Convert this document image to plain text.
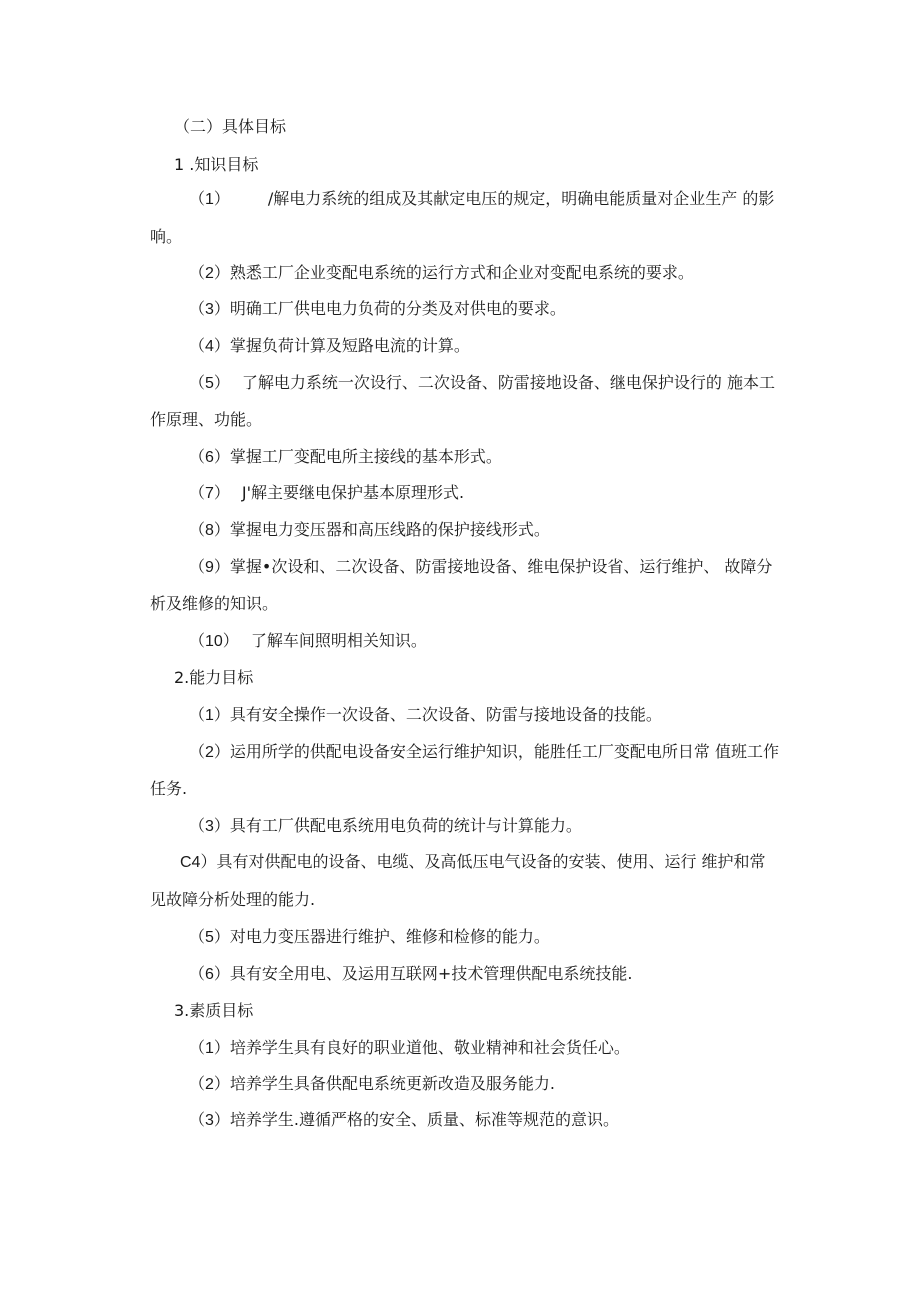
（二）具体目标
1 .知识目标
（1） /解电力系统的组成及其献定电压的规定，明确电能质量对企业生产 的影
响。
（2）熟悉工厂企业变配电系统的运行方式和企业对变配电系统的要求。
（3）明确工厂供电电力负荷的分类及对供电的要求。
（4）掌握负荷计算及短路电流的计算。
（5） 了解电力系统一次设行、二次设备、防雷接地设备、继电保护设行的 施本工
作原理、功能。
（6）掌握工厂变配电所主接线的基本形式。
（7） J'解主要继电保护基本原理形式.
（8）掌握电力变压器和高压线路的保护接线形式。
（9）掌握•次设和、二次设备、防雷接地设备、维电保护设省、运行维护、 故障分
析及维修的知识。
（10） 了解车间照明相关知识。
2.能力目标
（1）具有安全操作一次设备、二次设备、防雷与接地设备的技能。
（2）运用所学的供配电设备安全运行维护知识，能胜任工厂变配电所日常 值班工作
任务.
（3）具有工厂供配电系统用电负荷的统计与计算能力。
C4）具有对供配电的设备、电缆、及高低压电气设备的安装、使用、运行 维护和常
见故障分析处理的能力.
（5）对电力变压器进行维护、维修和检修的能力。
（6）具有安全用电、及运用互联网+技术管理供配电系统技能.
3.素质目标
（1）培养学生具有良好的职业道他、敬业精神和社会货任心。
（2）培养学生具备供配电系统更新改造及服务能力.
（3）培养学生.遵循严格的安全、质量、标准等规范的意识。
